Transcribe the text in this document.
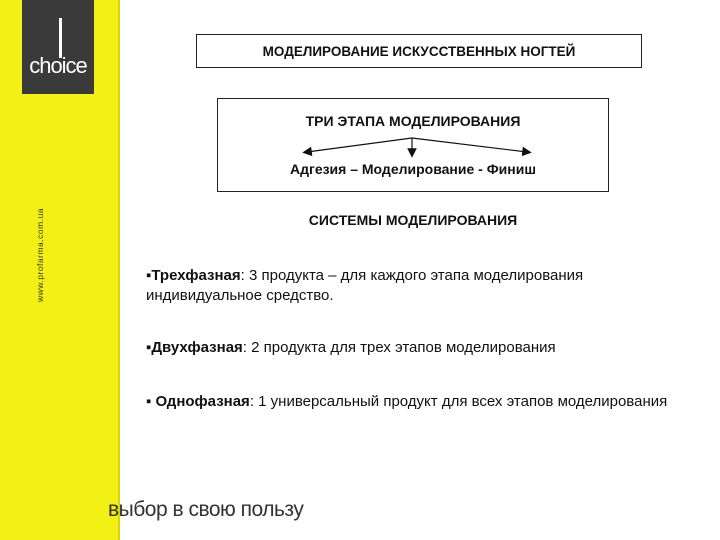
choice
www.profarma.com.ua
МОДЕЛИРОВАНИЕ ИСКУССТВЕННЫХ НОГТЕЙ
ТРИ ЭТАПА МОДЕЛИРОВАНИЯ
Адгезия – Моделирование - Финиш
СИСТЕМЫ МОДЕЛИРОВАНИЯ
▪Трехфазная: 3 продукта – для каждого этапа моделирования индивидуальное средство.
▪Двухфазная: 2 продукта для трех этапов моделирования
▪ Однофазная: 1 универсальный продукт для всех этапов моделирования
выбор в свою пользу
